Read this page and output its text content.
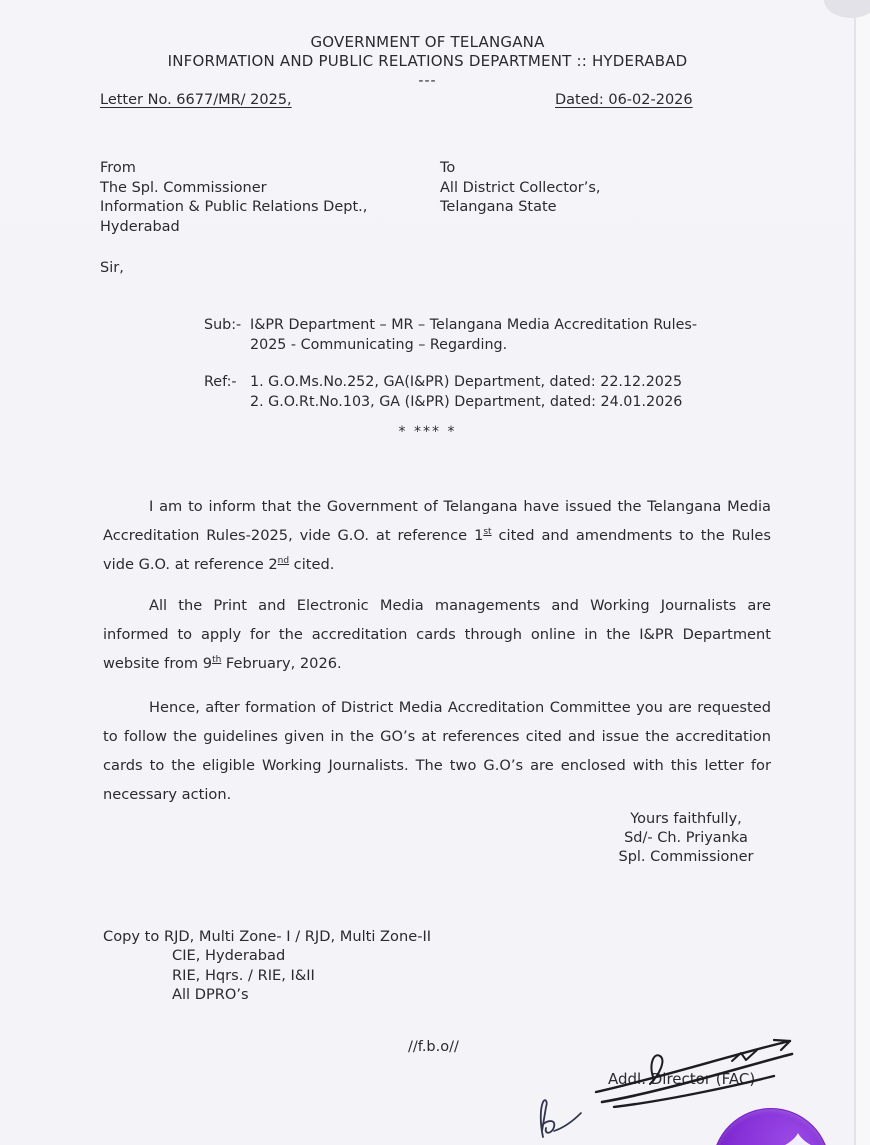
GOVERNMENT OF TELANGANA
INFORMATION AND PUBLIC RELATIONS DEPARTMENT :: HYDERABAD
---
Letter No. 6677/MR/ 2025,	Dated: 06-02-2026
From
The Spl. Commissioner
Information & Public Relations Dept.,
Hyderabad
To
All District Collector’s,
Telangana State
Sir,
Sub:- I&PR Department – MR – Telangana Media Accreditation Rules-
2025 - Communicating – Regarding.
Ref:- 1. G.O.Ms.No.252, GA(I&PR) Department, dated: 22.12.2025
2. G.O.Rt.No.103, GA (I&PR) Department, dated: 24.01.2026
* *** *

I am to inform that the Government of Telangana have issued the Telangana Media Accreditation Rules-2025, vide G.O. at reference 1st cited and amendments to the Rules vide G.O. at reference 2nd cited.

All the Print and Electronic Media managements and Working Journalists are informed to apply for the accreditation cards through online in the I&PR Department website from 9th February, 2026.

Hence, after formation of District Media Accreditation Committee you are requested to follow the guidelines given in the GO’s at references cited and issue the accreditation cards to the eligible Working Journalists. The two G.O’s are enclosed with this letter for necessary action.

Yours faithfully,
Sd/- Ch. Priyanka
Spl. Commissioner
Copy to RJD, Multi Zone- I / RJD, Multi Zone-II
CIE, Hyderabad
RIE, Hqrs. / RIE, I&II
All DPRO’s
//f.b.o//
Addl. Director (FAC)
